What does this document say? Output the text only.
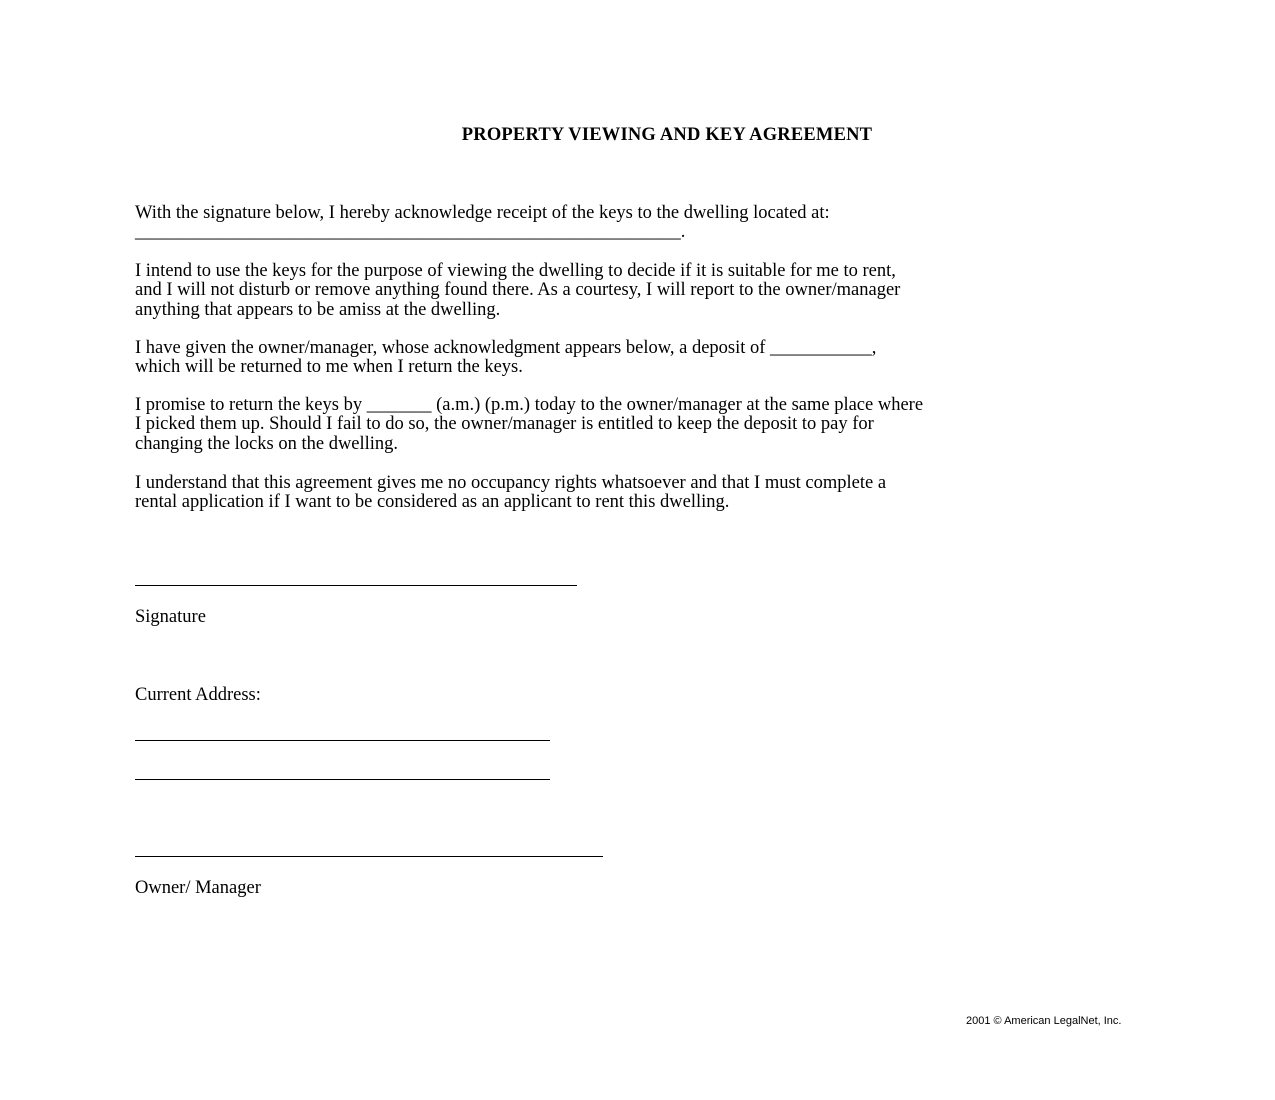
PROPERTY VIEWING AND KEY AGREEMENT
With the signature below, I hereby acknowledge receipt of the keys to the dwelling located at:
___________________________________________________________.
I intend to use the keys for the purpose of viewing the dwelling to decide if it is suitable for me to rent,
and I will not disturb or remove anything found there. As a courtesy, I will report to the owner/manager
anything that appears to be amiss at the dwelling.
I have given the owner/manager, whose acknowledgment appears below, a deposit of ___________,
which will be returned to me when I return the keys.
I promise to return the keys by _______ (a.m.) (p.m.) today to the owner/manager at the same place where
I picked them up. Should I fail to do so, the owner/manager is entitled to keep the deposit to pay for
changing the locks on the dwelling.
I understand that this agreement gives me no occupancy rights whatsoever and that I must complete a
rental application if I want to be considered as an applicant to rent this dwelling.
Signature
Current Address:
Owner/ Manager
2001 © American LegalNet, Inc.
